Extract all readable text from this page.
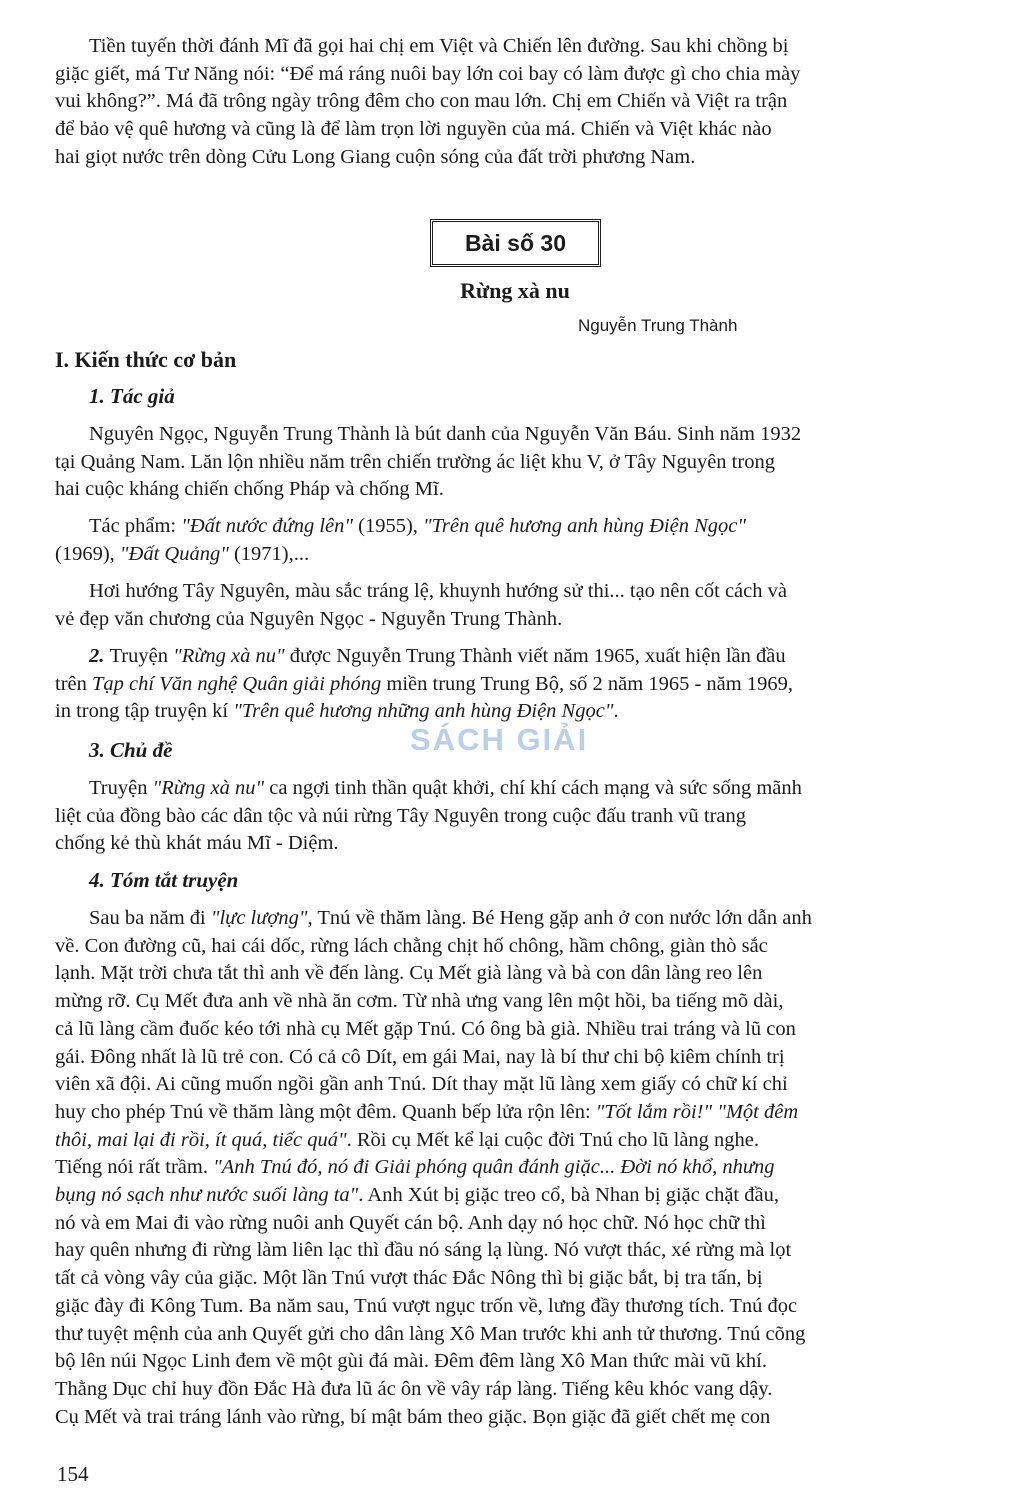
Tiền tuyến thời đánh Mĩ đã gọi hai chị em Việt và Chiến lên đường. Sau khi chồng bị
giặc giết, má Tư Năng nói: “Để má ráng nuôi bay lớn coi bay có làm được gì cho chia mày
vui không?”. Má đã trông ngày trông đêm cho con mau lớn. Chị em Chiến và Việt ra trận
để bảo vệ quê hương và cũng là để làm trọn lời nguyền của má. Chiến và Việt khác nào
hai giọt nước trên dòng Cửu Long Giang cuộn sóng của đất trời phương Nam.
Bài số 30
Rừng xà nu
Nguyễn Trung Thành
I. Kiến thức cơ bản
1. Tác giả
Nguyên Ngọc, Nguyễn Trung Thành là bút danh của Nguyễn Văn Báu. Sinh năm 1932
tại Quảng Nam. Lăn lộn nhiều năm trên chiến trường ác liệt khu V, ở Tây Nguyên trong
hai cuộc kháng chiến chống Pháp và chống Mĩ.
Tác phẩm: "Đất nước đứng lên" (1955), "Trên quê hương anh hùng Điện Ngọc"
(1969), "Đất Quảng" (1971),...
Hơi hướng Tây Nguyên, màu sắc tráng lệ, khuynh hướng sử thi... tạo nên cốt cách và
vẻ đẹp văn chương của Nguyên Ngọc - Nguyễn Trung Thành.
2. Truyện "Rừng xà nu" được Nguyễn Trung Thành viết năm 1965, xuất hiện lần đầu
trên Tạp chí Văn nghệ Quân giải phóng miền trung Trung Bộ, số 2 năm 1965 - năm 1969,
in trong tập truyện kí "Trên quê hương những anh hùng Điện Ngọc".
SÁCH GIẢI
3. Chủ đề
Truyện "Rừng xà nu" ca ngợi tinh thần quật khởi, chí khí cách mạng và sức sống mãnh
liệt của đồng bào các dân tộc và núi rừng Tây Nguyên trong cuộc đấu tranh vũ trang
chống kẻ thù khát máu Mĩ - Diệm.
4. Tóm tắt truyện
Sau ba năm đi "lực lượng", Tnú về thăm làng. Bé Heng gặp anh ở con nước lớn dẫn anh
về. Con đường cũ, hai cái dốc, rừng lách chằng chịt hố chông, hầm chông, giàn thò sắc
lạnh. Mặt trời chưa tắt thì anh về đến làng. Cụ Mết già làng và bà con dân làng reo lên
mừng rỡ. Cụ Mết đưa anh về nhà ăn cơm. Từ nhà ưng vang lên một hồi, ba tiếng mõ dài,
cả lũ làng cầm đuốc kéo tới nhà cụ Mết gặp Tnú. Có ông bà già. Nhiều trai tráng và lũ con
gái. Đông nhất là lũ trẻ con. Có cả cô Dít, em gái Mai, nay là bí thư chi bộ kiêm chính trị
viên xã đội. Ai cũng muốn ngồi gần anh Tnú. Dít thay mặt lũ làng xem giấy có chữ kí chỉ
huy cho phép Tnú về thăm làng một đêm. Quanh bếp lửa rộn lên: "Tốt lắm rồi!" "Một đêm
thôi, mai lại đi rồi, ít quá, tiếc quá". Rồi cụ Mết kể lại cuộc đời Tnú cho lũ làng nghe.
Tiếng nói rất trầm. "Anh Tnú đó, nó đi Giải phóng quân đánh giặc... Đời nó khổ, nhưng
bụng nó sạch như nước suối làng ta". Anh Xút bị giặc treo cổ, bà Nhan bị giặc chặt đầu,
nó và em Mai đi vào rừng nuôi anh Quyết cán bộ. Anh dạy nó học chữ. Nó học chữ thì
hay quên nhưng đi rừng làm liên lạc thì đầu nó sáng lạ lùng. Nó vượt thác, xé rừng mà lọt
tất cả vòng vây của giặc. Một lần Tnú vượt thác Đắc Nông thì bị giặc bắt, bị tra tấn, bị
giặc đày đi Kông Tum. Ba năm sau, Tnú vượt ngục trốn về, lưng đầy thương tích. Tnú đọc
thư tuyệt mệnh của anh Quyết gửi cho dân làng Xô Man trước khi anh tử thương. Tnú cõng
bộ lên núi Ngọc Linh đem về một gùi đá mài. Đêm đêm làng Xô Man thức mài vũ khí.
Thằng Dục chỉ huy đồn Đắc Hà đưa lũ ác ôn về vây ráp làng. Tiếng kêu khóc vang dậy.
Cụ Mết và trai tráng lánh vào rừng, bí mật bám theo giặc. Bọn giặc đã giết chết mẹ con
154
